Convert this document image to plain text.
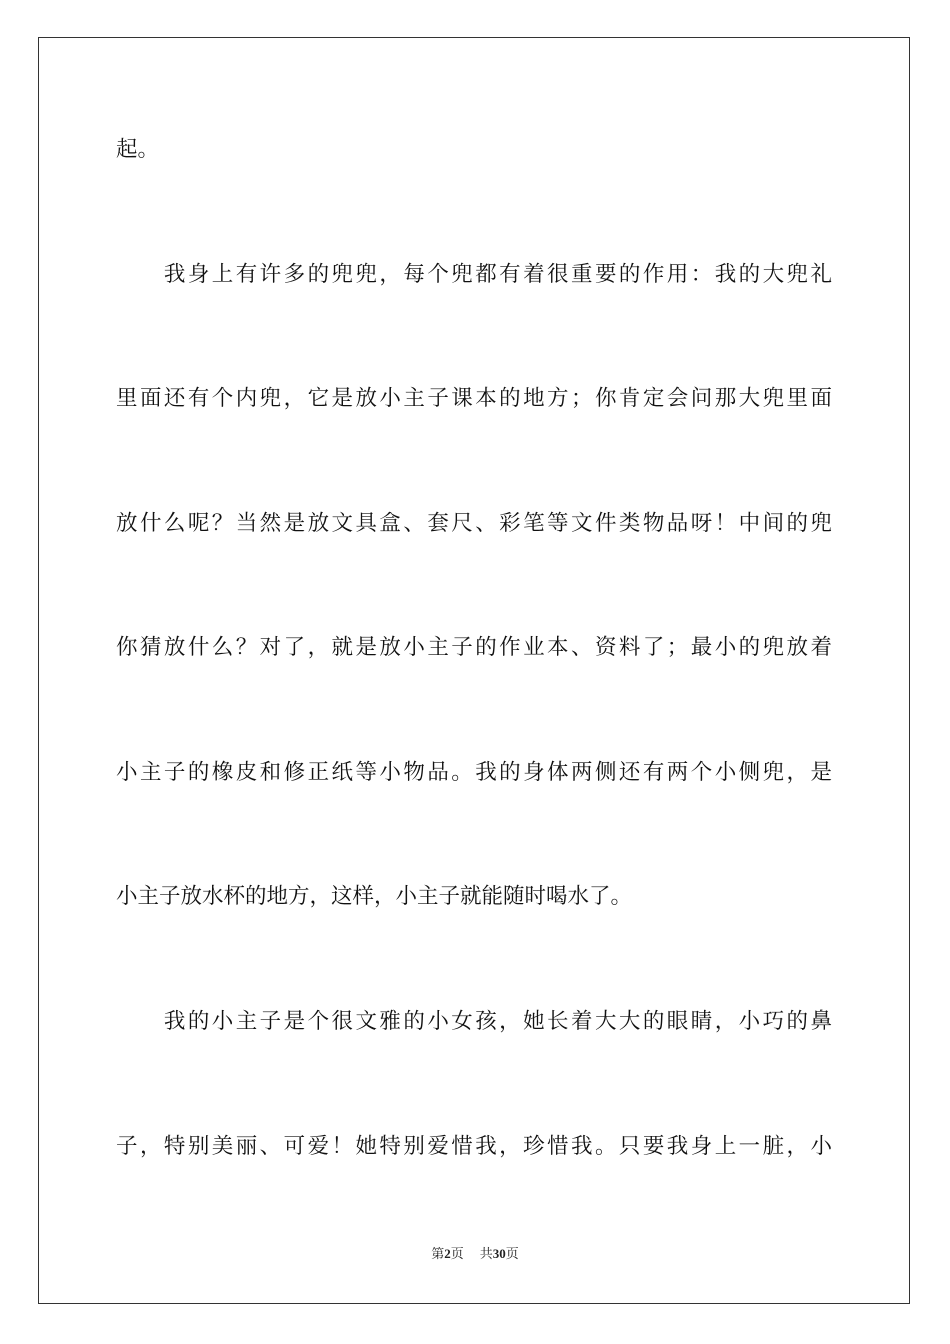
起。
　　我身上有许多的兜兜，每个兜都有着很重要的作用：我的大兜礼
里面还有个内兜，它是放小主子课本的地方；你肯定会问那大兜里面
放什么呢？当然是放文具盒、套尺、彩笔等文件类物品呀！中间的兜
你猜放什么？对了，就是放小主子的作业本、资料了；最小的兜放着
小主子的橡皮和修正纸等小物品。我的身体两侧还有两个小侧兜，是
小主子放水杯的地方，这样，小主子就能随时喝水了。
　　我的小主子是个很文雅的小女孩，她长着大大的眼睛，小巧的鼻
子，特别美丽、可爱！她特别爱惜我，珍惜我。只要我身上一脏，小
第2页 共30页
